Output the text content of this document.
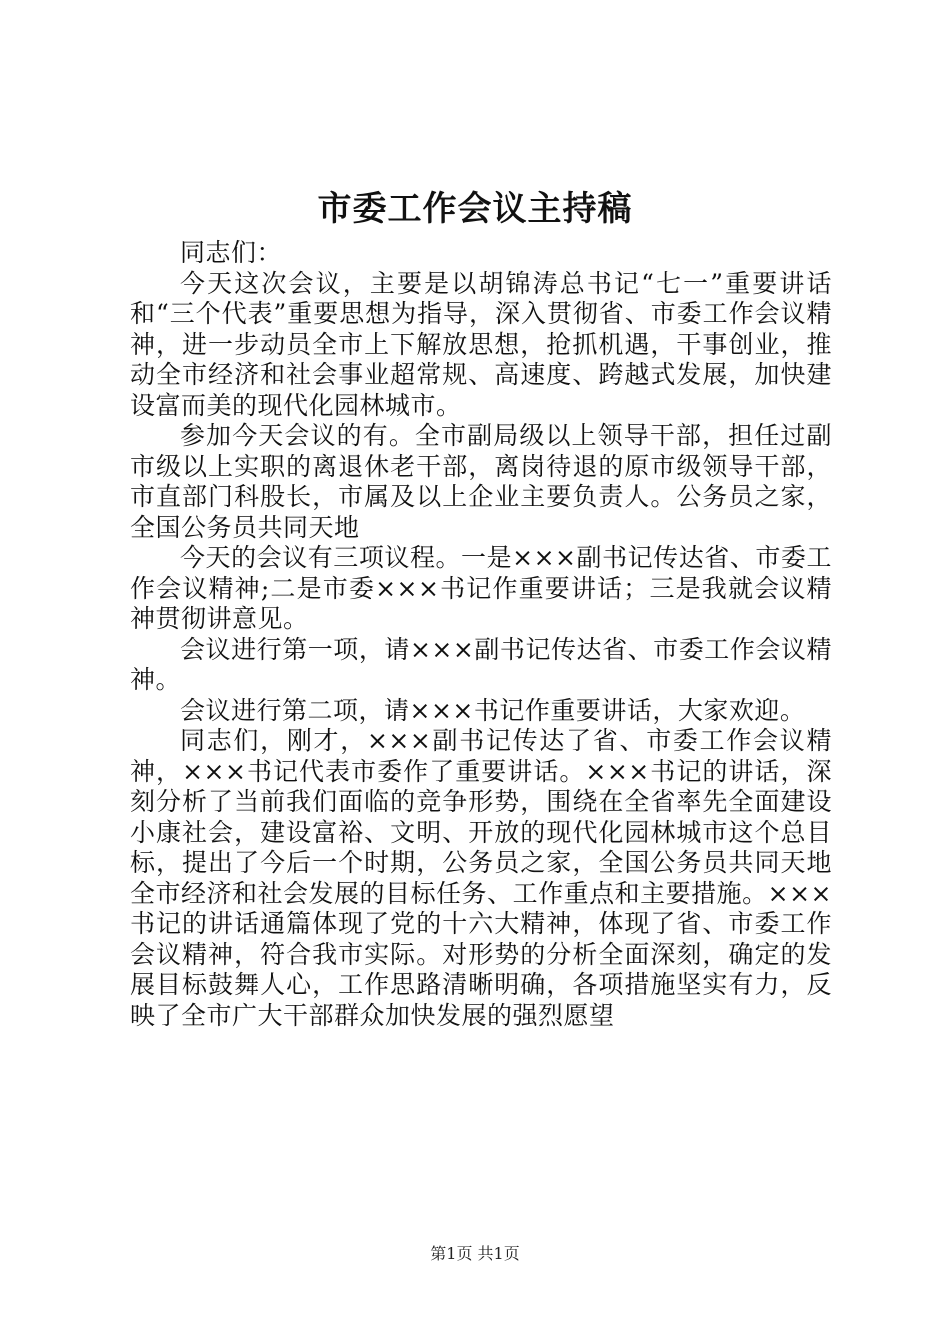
市委工作会议主持稿

同志们：

今天这次会议，主要是以胡锦涛总书记“七一”重要讲话和“三个代表”重要思想为指导，深入贯彻省、市委工作会议精神，进一步动员全市上下解放思想，抢抓机遇，干事创业，推动全市经济和社会事业超常规、高速度、跨越式发展，加快建设富而美的现代化园林城市。

参加今天会议的有。全市副局级以上领导干部，担任过副市级以上实职的离退休老干部，离岗待退的原市级领导干部，市直部门科股长，市属及以上企业主要负责人。公务员之家，全国公务员共同天地

今天的会议有三项议程。一是×××副书记传达省、市委工作会议精神;二是市委×××书记作重要讲话；三是我就会议精神贯彻讲意见。

会议进行第一项，请×××副书记传达省、市委工作会议精神。

会议进行第二项，请×××书记作重要讲话，大家欢迎。

同志们，刚才，×××副书记传达了省、市委工作会议精神，×××书记代表市委作了重要讲话。×××书记的讲话，深刻分析了当前我们面临的竞争形势，围绕在全省率先全面建设小康社会，建设富裕、文明、开放的现代化园林城市这个总目标，提出了今后一个时期，公务员之家，全国公务员共同天地全市经济和社会发展的目标任务、工作重点和主要措施。×××书记的讲话通篇体现了党的十六大精神，体现了省、市委工作会议精神，符合我市实际。对形势的分析全面深刻，确定的发展目标鼓舞人心，工作思路清晰明确，各项措施坚实有力，反映了全市广大干部群众加快发展的强烈愿望

第1页 共1页
